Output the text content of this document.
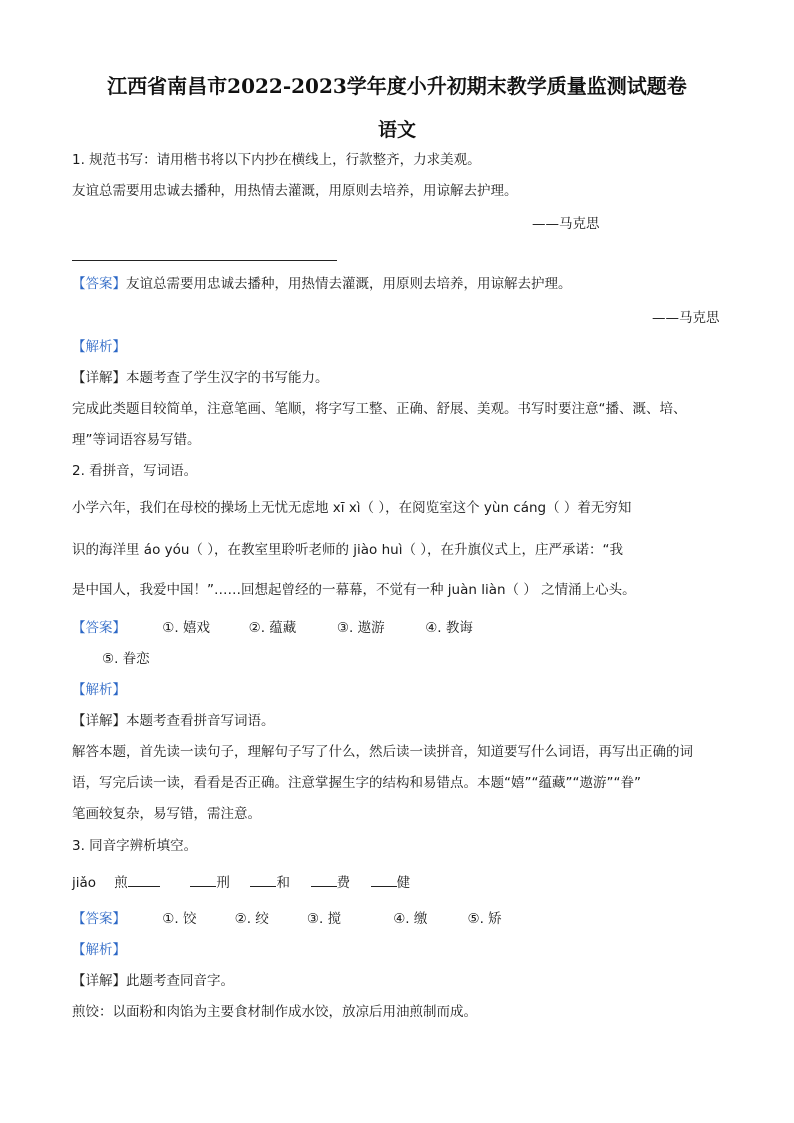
江西省南昌市2022-2023学年度小升初期末教学质量监测试题卷
语文
1. 规范书写：请用楷书将以下内抄在横线上，行款整齐，力求美观。
友谊总需要用忠诚去播种，用热情去灌溉，用原则去培养，用谅解去护理。
——马克思
【答案】友谊总需要用忠诚去播种，用热情去灌溉，用原则去培养，用谅解去护理。
——马克思
【解析】
【详解】本题考查了学生汉字的书写能力。
完成此类题目较简单，注意笔画、笔顺，将字写工整、正确、舒展、美观。书写时要注意“播、溉、培、
理”等词语容易写错。
2. 看拼音，写词语。
小学六年，我们在母校的操场上无忧无虑地 xī xì（ ），在阅览室这个 yùn cáng（ ）着无穷知
识的海洋里 áo yóu（ ），在教室里聆听老师的 jiào huì（ ），在升旗仪式上，庄严承诺：“我
是中国人，我爱中国！”……回想起曾经的一幕幕，不觉有一种 juàn liàn（ ） 之情涌上心头。
【答案】	①. 嬉戏	②. 蕴藏	③. 遨游	④. 教诲
⑤. 眷恋
【解析】
【详解】本题考查看拼音写词语。
解答本题，首先读一读句子，理解句子写了什么，然后读一读拼音，知道要写什么词语，再写出正确的词
语，写完后读一读，看看是否正确。注意掌握生字的结构和易错点。本题“嬉”“蕴藏”“遨游”“眷”
笔画较复杂，易写错，需注意。
3. 同音字辨析填空。
jiǎo 煎	刑	和	费	健
【答案】	①. 饺	②. 绞	③. 搅	④. 缴	⑤. 矫
【解析】
【详解】此题考查同音字。
煎饺：以面粉和肉馅为主要食材制作成水饺，放凉后用油煎制而成。
